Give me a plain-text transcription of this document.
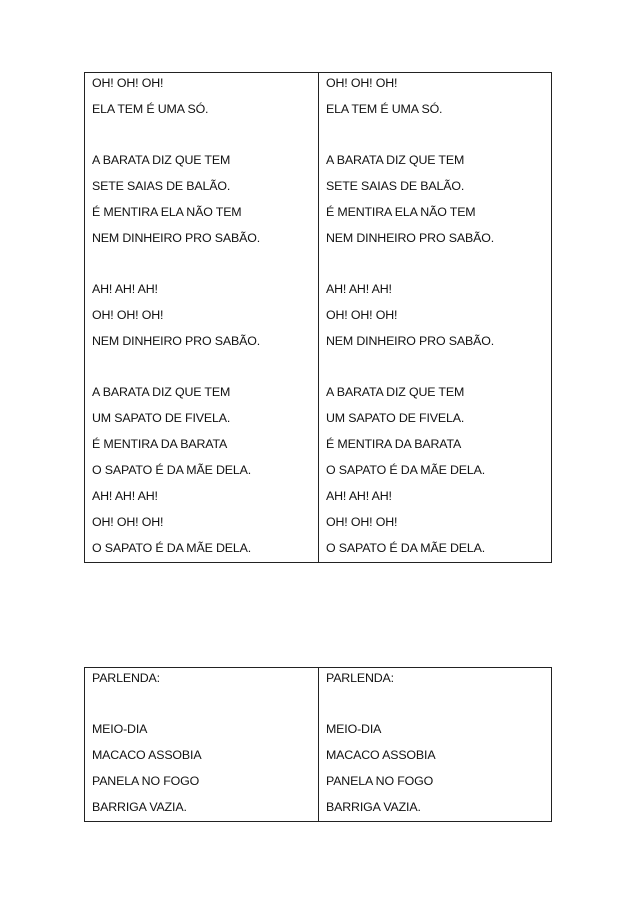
OH! OH! OH!
ELA TEM É UMA SÓ.
A BARATA DIZ QUE TEM
SETE SAIAS DE BALÃO.
É MENTIRA ELA NÃO TEM
NEM DINHEIRO PRO SABÃO.
AH! AH! AH!
OH! OH! OH!
NEM DINHEIRO PRO SABÃO.
A BARATA DIZ QUE TEM
UM SAPATO DE FIVELA.
É MENTIRA DA BARATA
O SAPATO É DA MÃE DELA.
AH! AH! AH!
OH! OH! OH!
O SAPATO É DA MÃE DELA.
OH! OH! OH!
ELA TEM É UMA SÓ.
A BARATA DIZ QUE TEM
SETE SAIAS DE BALÃO.
É MENTIRA ELA NÃO TEM
NEM DINHEIRO PRO SABÃO.
AH! AH! AH!
OH! OH! OH!
NEM DINHEIRO PRO SABÃO.
A BARATA DIZ QUE TEM
UM SAPATO DE FIVELA.
É MENTIRA DA BARATA
O SAPATO É DA MÃE DELA.
AH! AH! AH!
OH! OH! OH!
O SAPATO É DA MÃE DELA.
PARLENDA:
MEIO-DIA
MACACO ASSOBIA
PANELA NO FOGO
BARRIGA VAZIA.
PARLENDA:
MEIO-DIA
MACACO ASSOBIA
PANELA NO FOGO
BARRIGA VAZIA.
